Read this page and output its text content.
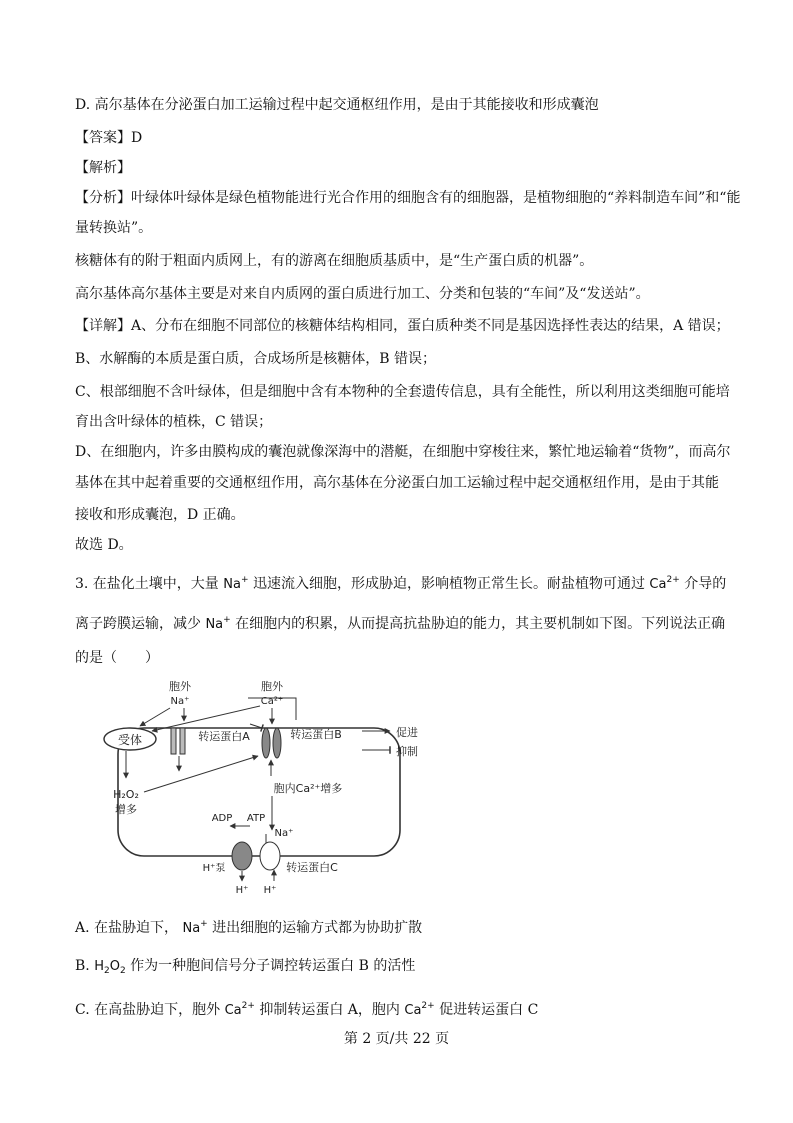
D. 高尔基体在分泌蛋白加工运输过程中起交通枢纽作用，是由于其能接收和形成囊泡
【答案】D
【解析】
【分析】叶绿体叶绿体是绿色植物能进行光合作用的细胞含有的细胞器，是植物细胞的“养料制造车间”和“能
量转换站”。
核糖体有的附于粗面内质网上，有的游离在细胞质基质中，是“生产蛋白质的机器”。
高尔基体高尔基体主要是对来自内质网的蛋白质进行加工、分类和包装的“车间”及“发送站”。
【详解】A、分布在细胞不同部位的核糖体结构相同，蛋白质种类不同是基因选择性表达的结果，A 错误；
B、水解酶的本质是蛋白质，合成场所是核糖体，B 错误；
C、根部细胞不含叶绿体，但是细胞中含有本物种的全套遗传信息，具有全能性，所以利用这类细胞可能培
育出含叶绿体的植株，C 错误；
D、在细胞内，许多由膜构成的囊泡就像深海中的潜艇，在细胞中穿梭往来，繁忙地运输着“货物”，而高尔
基体在其中起着重要的交通枢纽作用，高尔基体在分泌蛋白加工运输过程中起交通枢纽作用，是由于其能
接收和形成囊泡，D 正确。
故选 D。
3. 在盐化土壤中，大量 Na+ 迅速流入细胞，形成胁迫，影响植物正常生长。耐盐植物可通过 $Ca^{2+}$ 介导的
离子跨膜运输，减少 Na+ 在细胞内的积累，从而提高抗盐胁迫的能力，其主要机制如下图。下列说法正确
的是（　　）
胞外
Na⁺
胞外
Ca²⁺
受体	转运蛋白A	转运蛋白B	促进
抑制
H₂O₂
增多
胞内Ca²⁺增多
ADP ATP
Na⁺
H⁺泵	转运蛋白C
H⁺ H⁺
A. 在盐胁迫下， Na+ 进出细胞的运输方式都为协助扩散
B. $H_2O_2$ 作为一种胞间信号分子调控转运蛋白 B 的活性
C. 在高盐胁迫下，胞外 $Ca^{2+}$ 抑制转运蛋白 A，胞内 $Ca^{2+}$ 促进转运蛋白 C
第 2 页/共 22 页
